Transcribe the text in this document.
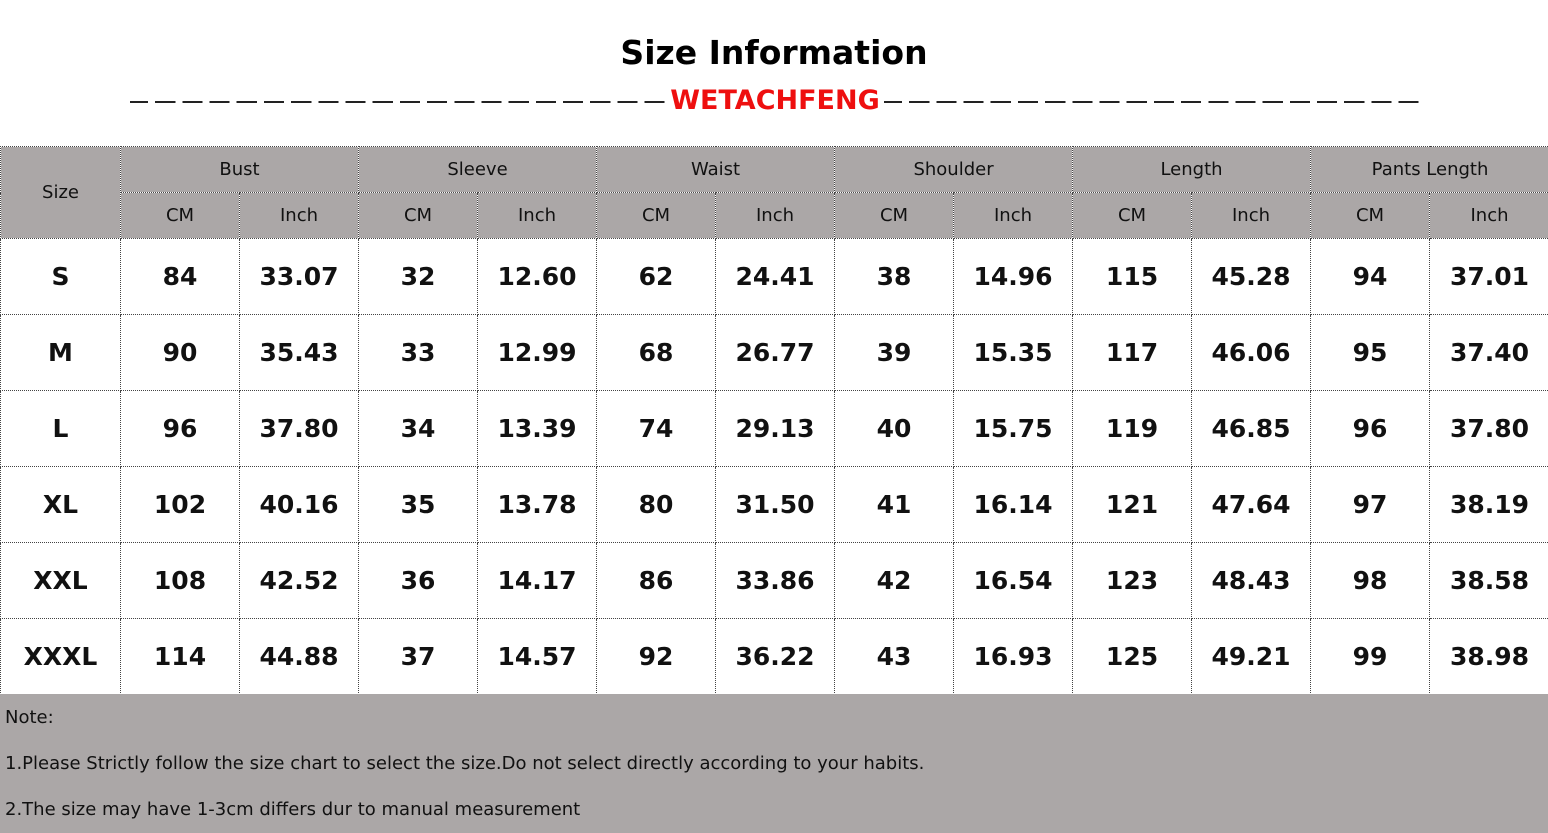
Size Information
WETACHFENG
Size	Bust		Sleeve		Waist		Shoulder		Length		Pants Length	
	CM	Inch	CM	Inch	CM	Inch	CM	Inch	CM	Inch	CM	Inch
S	84	33.07	32	12.60	62	24.41	38	14.96	115	45.28	94	37.01
M	90	35.43	33	12.99	68	26.77	39	15.35	117	46.06	95	37.40
L	96	37.80	34	13.39	74	29.13	40	15.75	119	46.85	96	37.80
XL	102	40.16	35	13.78	80	31.50	41	16.14	121	47.64	97	38.19
XXL	108	42.52	36	14.17	86	33.86	42	16.54	123	48.43	98	38.58
XXXL	114	44.88	37	14.57	92	36.22	43	16.93	125	49.21	99	38.98
Note:
1.Please Strictly follow the size chart to select the size.Do not select directly according to your habits.
2.The size may have 1-3cm differs dur to manual measurement
